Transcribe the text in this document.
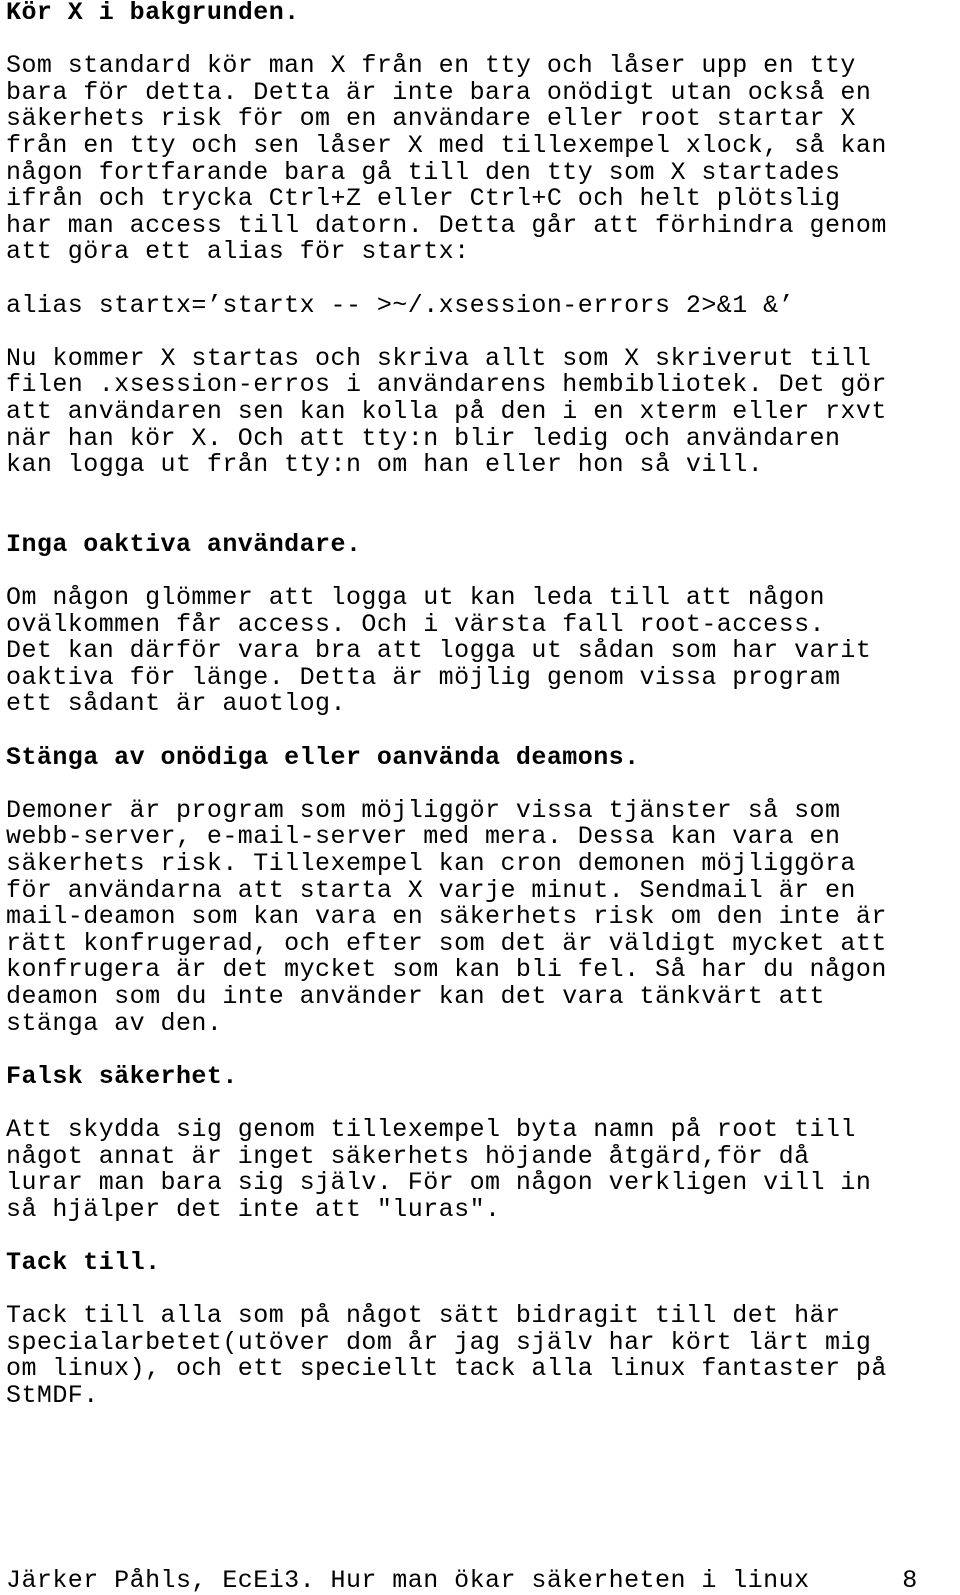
Kör X i bakgrunden.
Som standard kör man X från en tty och låser upp en tty
bara för detta. Detta är inte bara onödigt utan också en
säkerhets risk för om en användare eller root startar X
från en tty och sen låser X med tillexempel xlock, så kan
någon fortfarande bara gå till den tty som X startades
ifrån och trycka Ctrl+Z eller Ctrl+C och helt plötslig
har man access till datorn. Detta går att förhindra genom
att göra ett alias för startx:
alias startx=’startx -- >~/.xsession-errors 2>&1 &’
Nu kommer X startas och skriva allt som X skriverut till
filen .xsession-erros i användarens hembibliotek. Det gör
att användaren sen kan kolla på den i en xterm eller rxvt
när han kör X. Och att tty:n blir ledig och användaren
kan logga ut från tty:n om han eller hon så vill.
Inga oaktiva användare.
Om någon glömmer att logga ut kan leda till att någon
ovälkommen får access. Och i värsta fall root-access.
Det kan därför vara bra att logga ut sådan som har varit
oaktiva för länge. Detta är möjlig genom vissa program
ett sådant är auotlog.
Stänga av onödiga eller oanvända deamons.
Demoner är program som möjliggör vissa tjänster så som
webb-server, e-mail-server med mera. Dessa kan vara en
säkerhets risk. Tillexempel kan cron demonen möjliggöra
för användarna att starta X varje minut. Sendmail är en
mail-deamon som kan vara en säkerhets risk om den inte är
rätt konfrugerad, och efter som det är väldigt mycket att
konfrugera är det mycket som kan bli fel. Så har du någon
deamon som du inte använder kan det vara tänkvärt att
stänga av den.
Falsk säkerhet.
Att skydda sig genom tillexempel byta namn på root till
något annat är inget säkerhets höjande åtgärd,för då
lurar man bara sig själv. För om någon verkligen vill in
så hjälper det inte att "luras".
Tack till.
Tack till alla som på något sätt bidragit till det här
specialarbetet(utöver dom år jag själv har kört lärt mig
om linux), och ett speciellt tack alla linux fantaster på
StMDF.
Järker Påhls, EcEi3. Hur man ökar säkerheten i linux	8
